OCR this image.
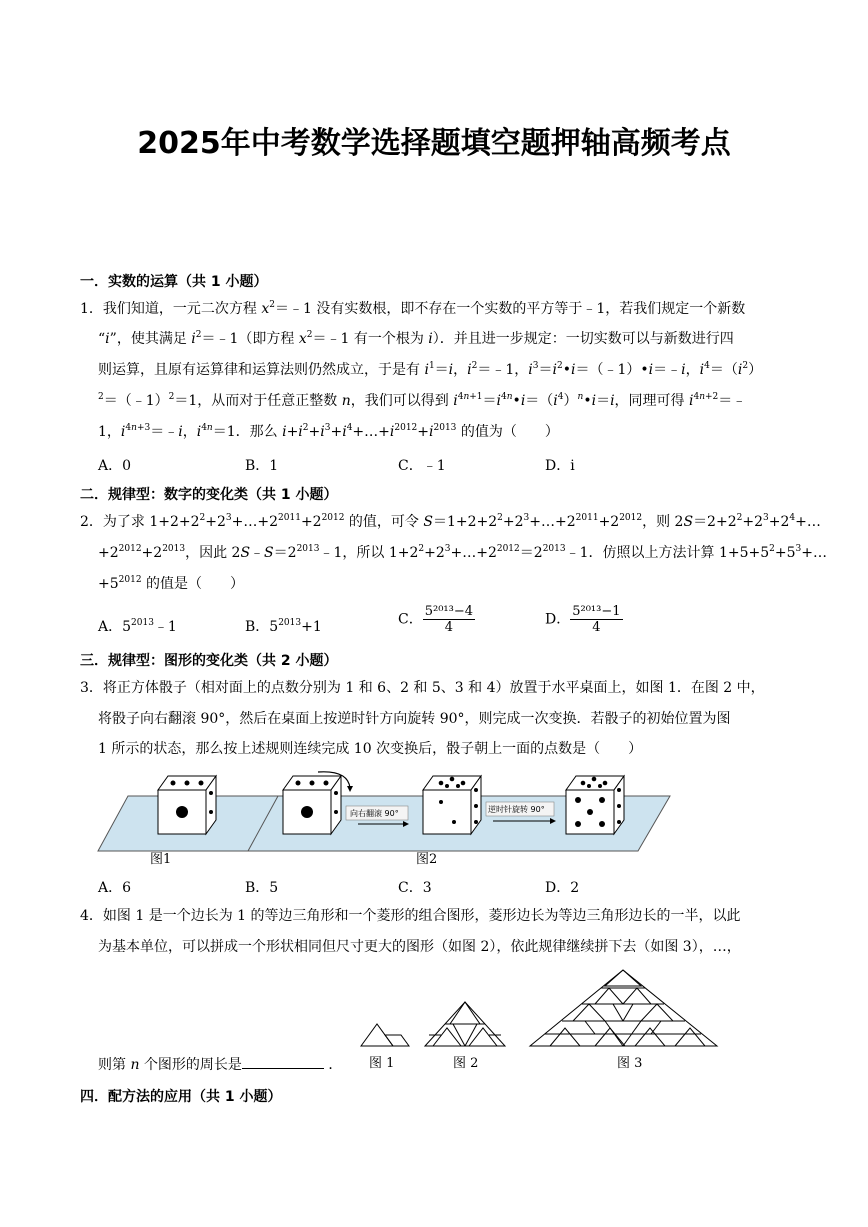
2025年中考数学选择题填空题押轴高频考点
一．实数的运算（共 1 小题）
1．我们知道，一元二次方程 $x^2=﹣1$ 没有实数根，即不存在一个实数的平方等于﹣1，若我们规定一个新数
“i”，使其满足 $i^2=﹣1$（即方程 $x^2=﹣1$ 有一个根为 i）．并且进一步规定：一切实数可以与新数进行四
则运算，且原有运算律和运算法则仍然成立，于是有 $i^1=i$，$i^2=﹣1$，$i^3=i^2•i=(﹣1)•i=﹣i$，$i^4=(i^2)$
$^2$＝（﹣1）$^2$＝1，从而对于任意正整数 n，我们可以得到 $i^{4n+1}=i^{4n}•i=(i^4)^n•i=i$，同理可得 $i^{4n+2}=﹣$
1，$i^{4n+3}=﹣i$，$i^{4n}=1$．那么 $i+i^2+i^3+i^4+\dots+i^{2012}+i^{2013}$ 的值为（　　）
A．0	B．1	C．﹣1	D．i
二．规律型：数字的变化类（共 1 小题）
2．为了求 $1+2+2^2+2^3+\dots+2^{2011}+2^{2012}$ 的值，可令 $S=1+2+2^2+2^3+\dots+2^{2011}+2^{2012}$，则 $2S=2+2^2+2^3+2^4+\dots$
$+2^{2012}+2^{2013}$，因此 $2S﹣S=2^{2013}﹣1$，所以 $1+2^2+2^3+\dots+2^{2012}=2^{2013}﹣1$．仿照以上方法计算 $1+5+5^2+5^3+\dots$
$+5^{2012}$ 的值是（　　）
A．$5^{2013}﹣1$	B．$5^{2013}+1$	C． $\frac{\text{5²⁰¹³−4}}{4}$	D． $\frac{\text{5²⁰¹³−1}}{4}$
三．规律型：图形的变化类（共 2 小题）
3．将正方体骰子（相对面上的点数分别为 1 和 6、2 和 5、3 和 4）放置于水平桌面上，如图 1．在图 2 中，
将骰子向右翻滚 90°，然后在桌面上按逆时针方向旋转 90°，则完成一次变换．若骰子的初始位置为图
1 所示的状态，那么按上述规则连续完成 10 次变换后，骰子朝上一面的点数是（　　）
向右翻滚 90°	逆时针旋转 90°
图1	图2
A．6	B．5	C．3	D．2
4．如图 1 是一个边长为 1 的等边三角形和一个菱形的组合图形，菱形边长为等边三角形边长的一半，以此
为基本单位，可以拼成一个形状相同但尺寸更大的图形（如图 2），依此规律继续拼下去（如图 3），…，
则第 n 个图形的周长是	． 图 1	图 2	图 3
四．配方法的应用（共 1 小题）
